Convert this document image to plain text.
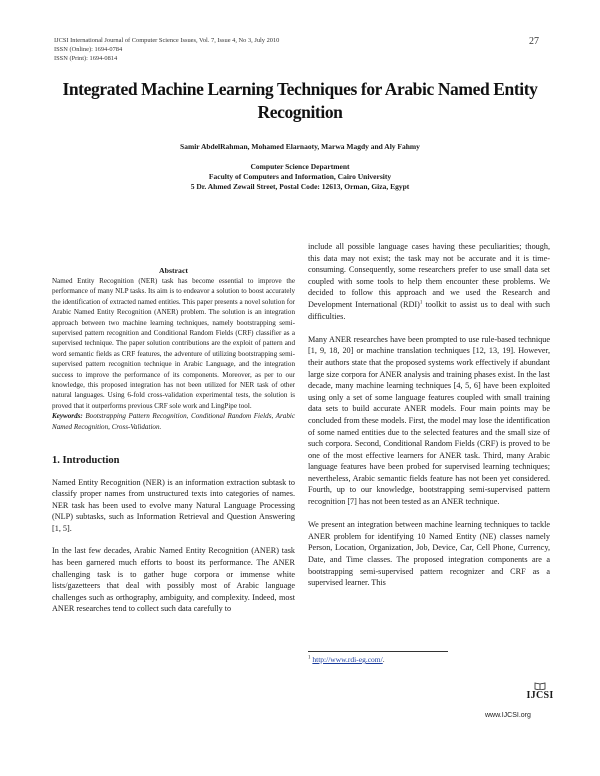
IJCSI International Journal of Computer Science Issues, Vol. 7, Issue 4, No 3, July 2010
ISSN (Online): 1694-0784
ISSN (Print): 1694-0814
27
Integrated Machine Learning Techniques for Arabic Named Entity Recognition
Samir AbdelRahman, Mohamed Elarnaoty, Marwa Magdy and Aly Fahmy
Computer Science Department
Faculty of Computers and Information, Cairo University
5 Dr. Ahmed Zewail Street, Postal Code: 12613, Orman, Giza, Egypt
Abstract

Named Entity Recognition (NER) task has become essential to improve the performance of many NLP tasks. Its aim is to endeavor a solution to boost accurately the identification of extracted named entities. This paper presents a novel solution for Arabic Named Entity Recognition (ANER) problem. The solution is an integration approach between two machine learning techniques, namely bootstrapping semi-supervised pattern recognition and Conditional Random Fields (CRF) classifier as a supervised technique. The paper solution contributions are the exploit of pattern and word semantic fields as CRF features, the adventure of utilizing bootstrapping semi-supervised pattern recognition technique in Arabic Language, and the integration success to improve the performance of its components. Moreover, as per to our knowledge, this proposed integration has not been utilized for NER task of other natural languages. Using 6-fold cross-validation experimental tests, the solution is proved that it outperforms previous CRF sole work and LingPipe tool.

Keywords: Bootstrapping Pattern Recognition, Conditional Random Fields, Arabic Named Recognition, Cross-Validation.

1. Introduction

Named Entity Recognition (NER) is an information extraction subtask to classify proper names from unstructured texts into categories of names. NER task has been used to evolve many Natural Language Processing (NLP) subtasks, such as Information Retrieval and Question Answering [1, 5].

In the last few decades, Arabic Named Entity Recognition (ANER) task has been garnered much efforts to boost its performance. The ANER challenging task is to gather huge corpora or immense white lists/gazetteers that deal with possibly most of Arabic language challenges such as orthography, ambiguity, and complexity. Indeed, most ANER researches tend to collect such data carefully to

include all possible language cases having these peculiarities; though, this data may not exist; the task may not be accurate and it is time-consuming. Consequently, some researchers prefer to use small data set coupled with some tools to help them encounter these problems. We decided to follow this approach and we used the Research and Development International (RDI)$^1$ toolkit to assist us to deal with such difficulties.

Many ANER researches have been prompted to use rule-based technique [1, 9, 18, 20] or machine translation techniques [12, 13, 19]. However, their authors state that the proposed systems work effectively if abundant large size corpora for ANER analysis and training phases exist. In the last decade, many machine learning techniques [4, 5, 6] have been exploited using only a set of some language features coupled with small training data sets to build accurate ANER models. Four main points may be concluded from these models. First, the model may lose the identification of some named entities due to the selected features and the small size of such corpora. Second, Conditional Random Fields (CRF) is proved to be one of the most effective learners for ANER task. Third, many Arabic language features have been probed for supervised learning techniques; nevertheless, Arabic semantic fields feature has not been yet considered. Fourth, up to our knowledge, bootstrapping semi-supervised pattern recognition [7] has not been tested as an ANER technique.

We present an integration between machine learning techniques to tackle ANER problem for identifying 10 Named Entity (NE) classes namely Person, Location, Organization, Job, Device, Car, Cell Phone, Currency, Date, and Time classes. The proposed integration components are a bootstrapping semi-supervised pattern recognizer and CRF as a supervised learner. This

$^1$ http://www.rdi-eg.com/.
IJCSI
www.IJCSI.org
